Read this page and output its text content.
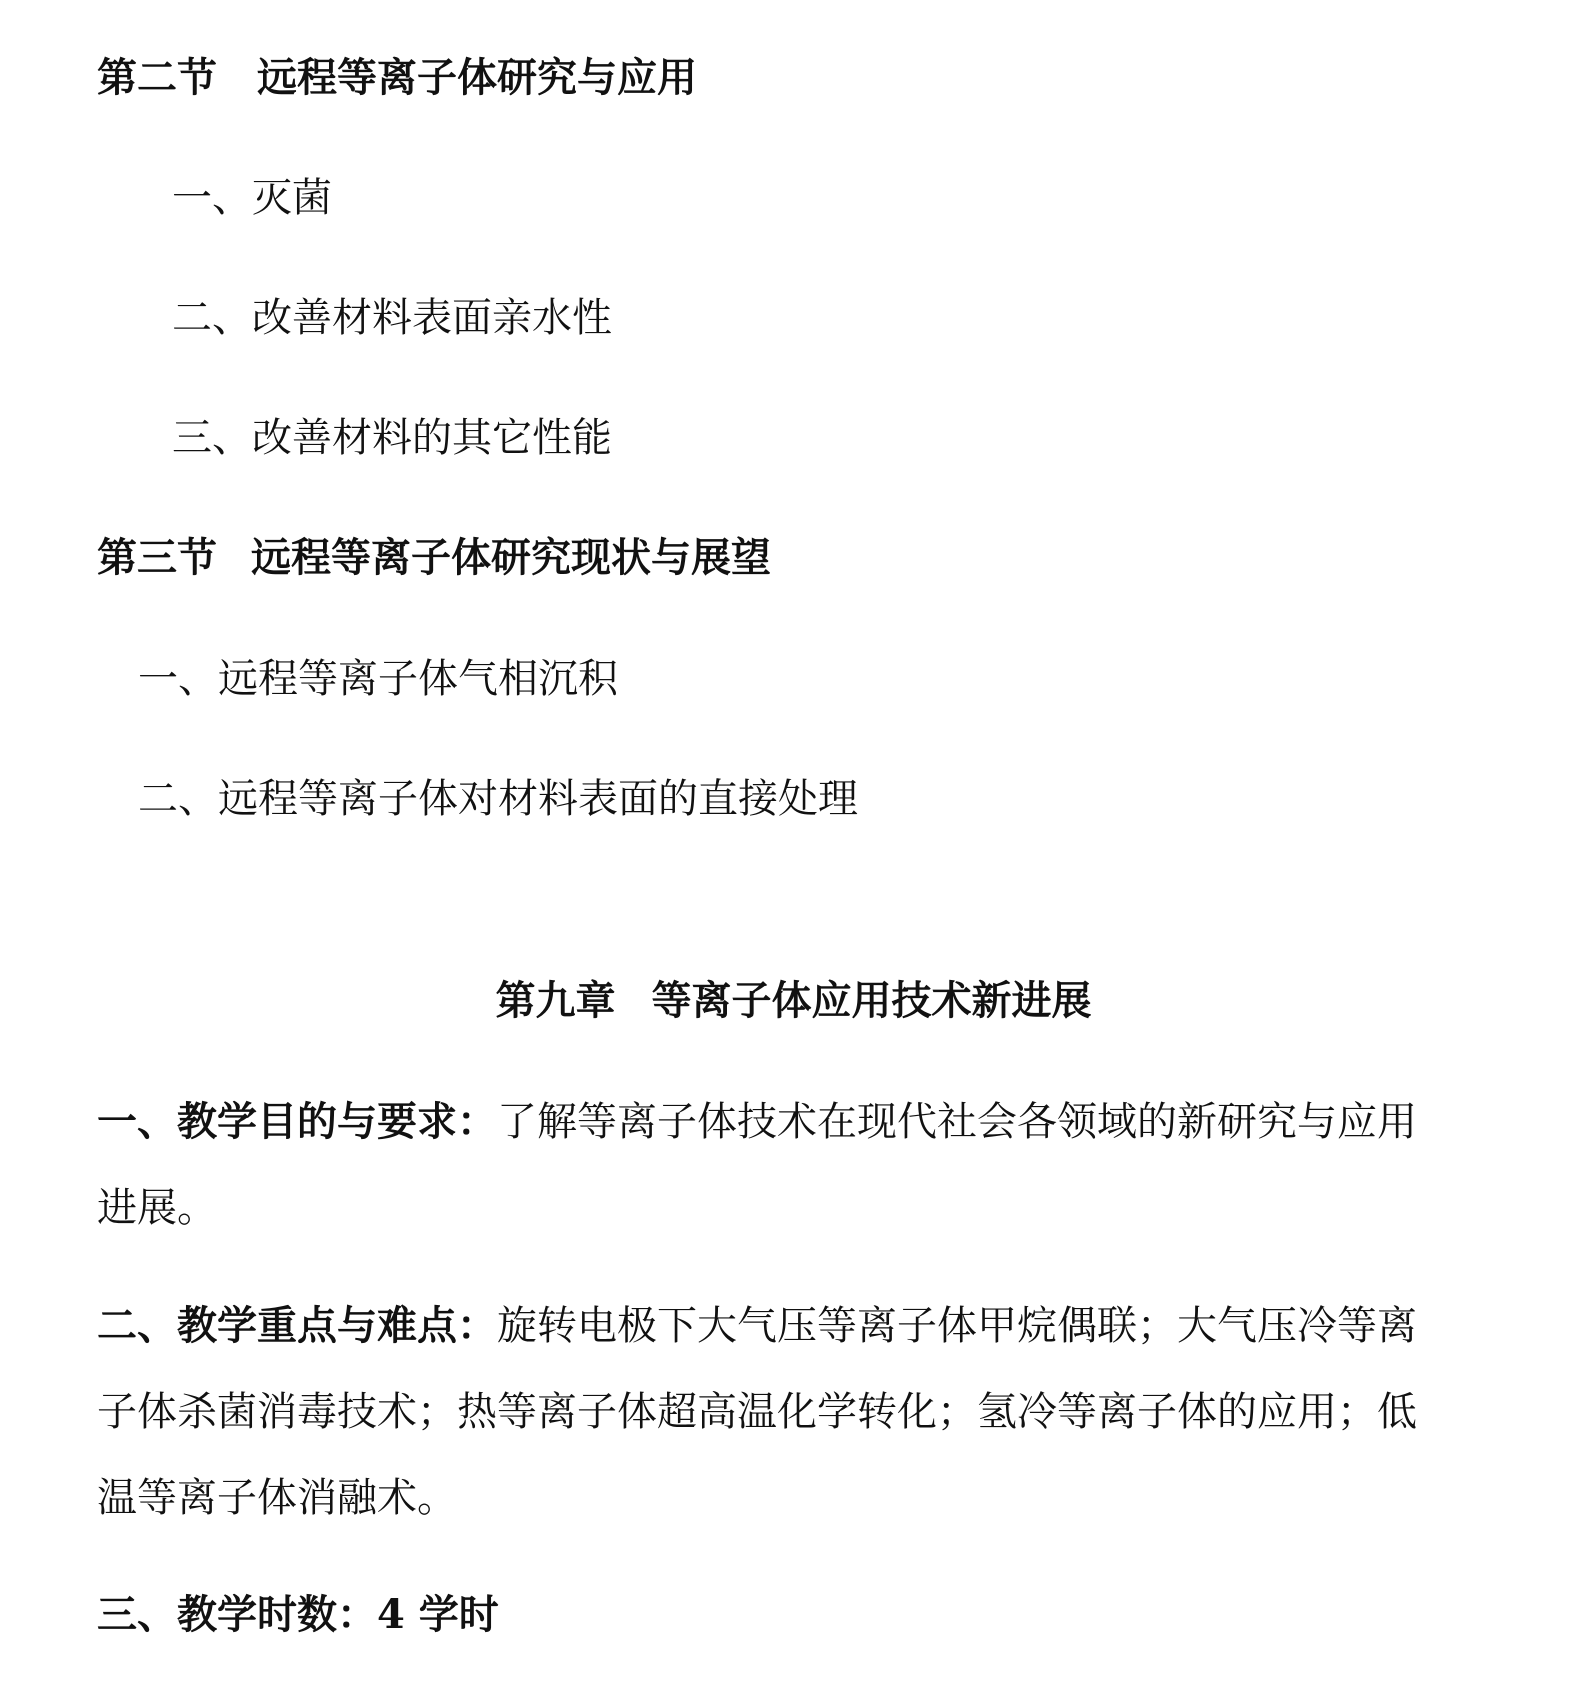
第二节 远程等离子体研究与应用
一、灭菌
二、改善材料表面亲水性
三、改善材料的其它性能
第三节 远程等离子体研究现状与展望
一、远程等离子体气相沉积
二、远程等离子体对材料表面的直接处理
第九章 等离子体应用技术新进展
一、教学目的与要求：了解等离子体技术在现代社会各领域的新研究与应用
进展。
二、教学重点与难点：旋转电极下大气压等离子体甲烷偶联；大气压冷等离
子体杀菌消毒技术；热等离子体超高温化学转化；氢冷等离子体的应用；低
温等离子体消融术。
三、教学时数：4 学时
